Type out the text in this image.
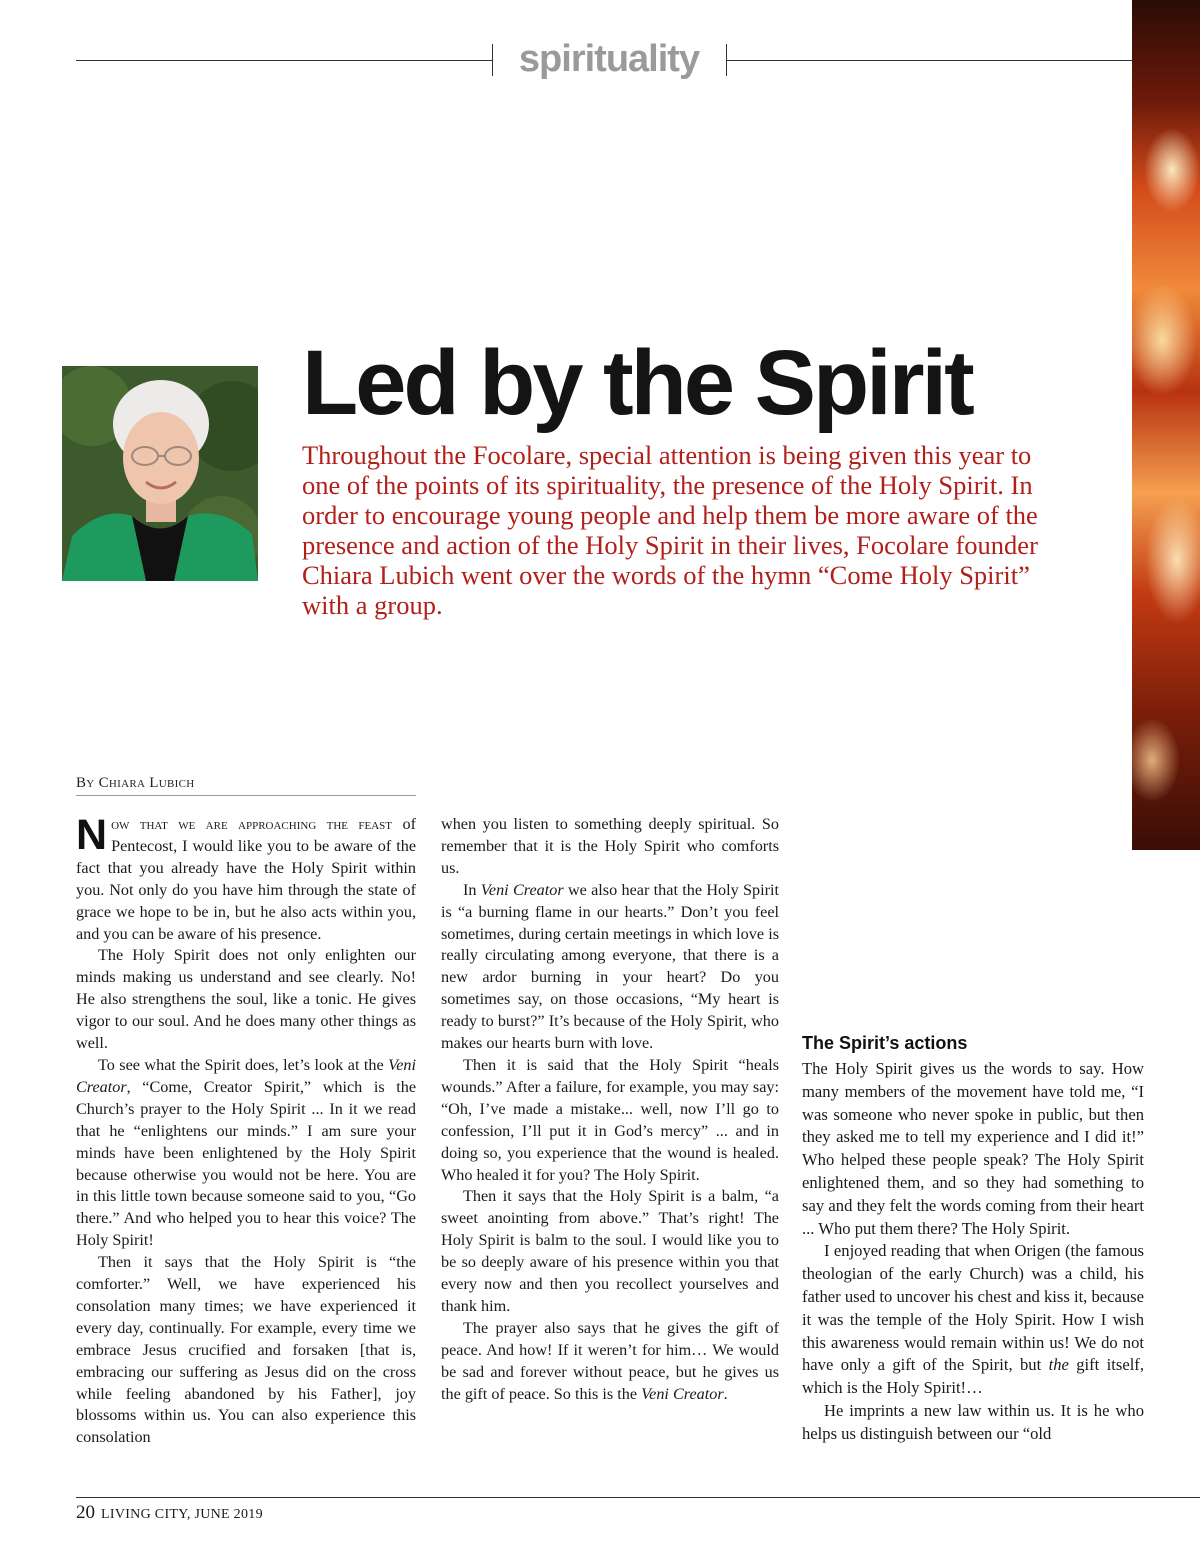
spirituality
Led by the Spirit

Throughout the Focolare, special attention is being given this year to one of the points of its spirituality, the presence of the Holy Spirit. In order to encourage young people and help them be more aware of the presence and action of the Holy Spirit in their lives, Focolare founder Chiara Lubich went over the words of the hymn “Come Holy Spirit” with a group.

By Chiara Lubich

Now that we are approaching the feast of Pentecost, I would like you to be aware of the fact that you already have the Holy Spirit within you. Not only do you have him through the state of grace we hope to be in, but he also acts within you, and you can be aware of his presence.

The Holy Spirit does not only enlighten our minds making us understand and see clearly. No! He also strengthens the soul, like a tonic. He gives vigor to our soul. And he does many other things as well.

To see what the Spirit does, let’s look at the Veni Creator, “Come, Creator Spirit,” which is the Church’s prayer to the Holy Spirit ... In it we read that he “enlightens our minds.” I am sure your minds have been enlightened by the Holy Spirit because otherwise you would not be here. You are in this little town because someone said to you, “Go there.” And who helped you to hear this voice? The Holy Spirit!

Then it says that the Holy Spirit is “the comforter.” Well, we have experienced his consolation many times; we have experienced it every day, continually. For example, every time we embrace Jesus crucified and forsaken [that is, embracing our suffering as Jesus did on the cross while feeling abandoned by his Father], joy blossoms within us. You can also experience this consolation

when you listen to something deeply spiritual. So remember that it is the Holy Spirit who comforts us.

In Veni Creator we also hear that the Holy Spirit is “a burning flame in our hearts.” Don’t you feel sometimes, during certain meetings in which love is really circulating among everyone, that there is a new ardor burning in your heart? Do you sometimes say, on those occasions, “My heart is ready to burst?” It’s because of the Holy Spirit, who makes our hearts burn with love.

Then it is said that the Holy Spirit “heals wounds.” After a failure, for example, you may say: “Oh, I’ve made a mistake... well, now I’ll go to confession, I’ll put it in God’s mercy” ... and in doing so, you experience that the wound is healed. Who healed it for you? The Holy Spirit.

Then it says that the Holy Spirit is a balm, “a sweet anointing from above.” That’s right! The Holy Spirit is balm to the soul. I would like you to be so deeply aware of his presence within you that every now and then you recollect yourselves and thank him.

The prayer also says that he gives the gift of peace. And how! If it weren’t for him… We would be sad and forever without peace, but he gives us the gift of peace. So this is the Veni Creator.

The Spirit’s actions

The Holy Spirit gives us the words to say. How many members of the movement have told me, “I was someone who never spoke in public, but then they asked me to tell my experience and I did it!” Who helped these people speak? The Holy Spirit enlightened them, and so they had something to say and they felt the words coming from their heart ... Who put them there? The Holy Spirit.

I enjoyed reading that when Origen (the famous theologian of the early Church) was a child, his father used to uncover his chest and kiss it, because it was the temple of the Holy Spirit. How I wish this awareness would remain within us! We do not have only a gift of the Spirit, but the gift itself, which is the Holy Spirit!…

He imprints a new law within us. It is he who helps us distinguish between our “old

20 LIVING CITY, JUNE 2019
